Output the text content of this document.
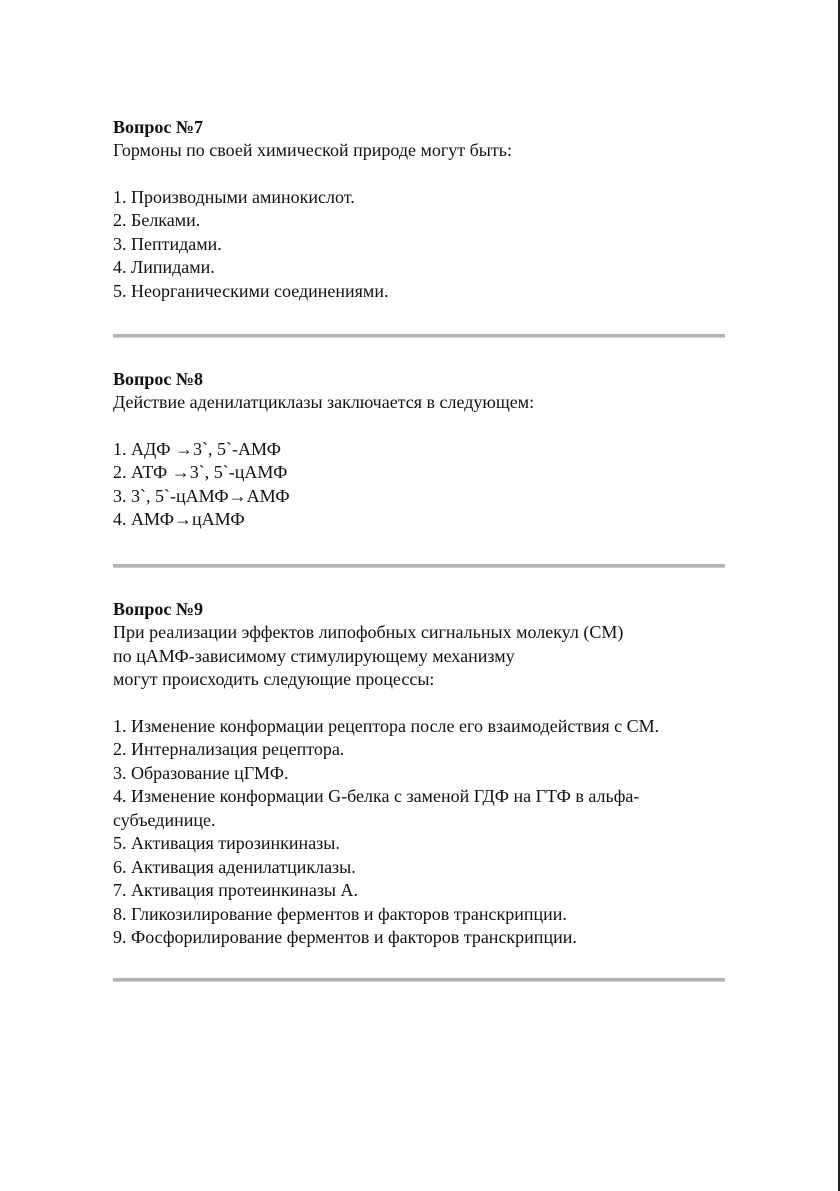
Вопрос №7

Гормоны по своей химической природе могут быть:

1. Производными аминокислот.

2. Белками.

3. Пептидами.

4. Липидами.

5. Неорганическими соединениями.

Вопрос №8

Действие аденилатциклазы заключается в следующем:

1. АДФ →3`, 5`-АМФ

2. АТФ →3`, 5`-цАМФ

3. 3`, 5`-цАМФ→АМФ

4. АМФ→цАМФ

Вопрос №9

При реализации эффектов липофобных сигнальных молекул (СМ)

по цАМФ-зависимому стимулирующему механизму

могут происходить следующие процессы:

1. Изменение конформации рецептора после его взаимодействия с СМ.

2. Интернализация рецептора.

3. Образование цГМФ.

4. Изменение конформации G-белка с заменой ГДФ на ГТФ в альфа-

субъединице.

5. Активация тирозинкиназы.

6. Активация аденилатциклазы.

7. Активация протеинкиназы А.

8. Гликозилирование ферментов и факторов транскрипции.

9. Фосфорилирование ферментов и факторов транскрипции.
